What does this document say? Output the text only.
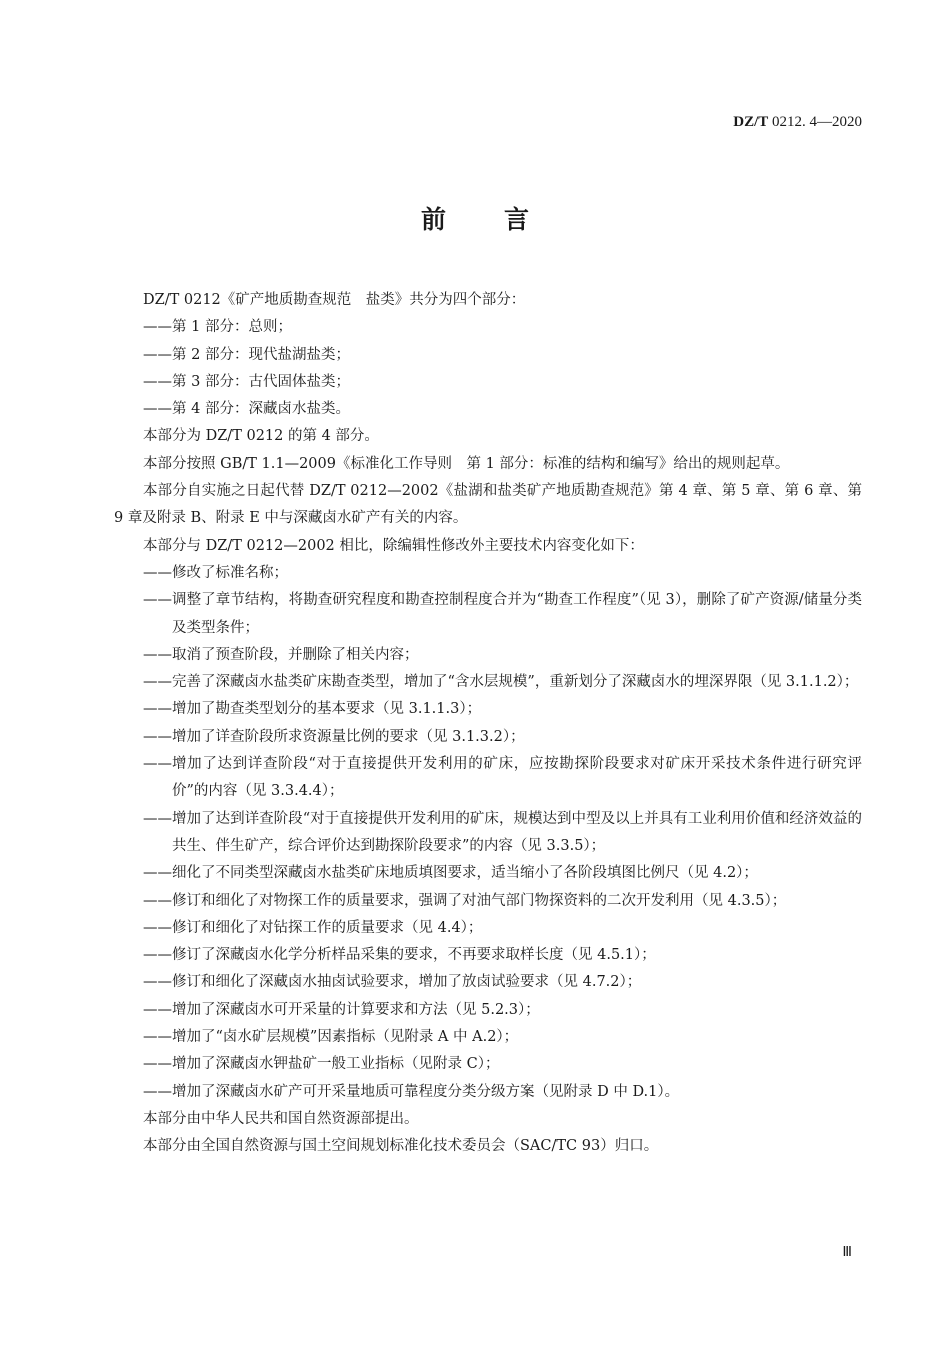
DZ/T 0212. 4—2020
前言

DZ/T 0212《矿产地质勘查规范　盐类》共分为四个部分：

—— 第 1 部分：总则；

—— 第 2 部分：现代盐湖盐类；

—— 第 3 部分：古代固体盐类；

—— 第 4 部分：深藏卤水盐类。

本部分为 DZ/T 0212 的第 4 部分。

本部分按照 GB/T 1.1—2009《标准化工作导则　第 1 部分：标准的结构和编写》给出的规则起草。

本部分自实施之日起代替 DZ/T 0212—2002《盐湖和盐类矿产地质勘查规范》第 4 章、第 5 章、第 6 章、第 9 章及附录 B、附录 E 中与深藏卤水矿产有关的内容。

本部分与 DZ/T 0212—2002 相比，除编辑性修改外主要技术内容变化如下：

—— 修改了标准名称；

—— 调整了章节结构，将勘查研究程度和勘查控制程度合并为“勘查工作程度”（见 3），删除了矿产资源/储量分类及类型条件；

—— 取消了预查阶段，并删除了相关内容；

—— 完善了深藏卤水盐类矿床勘查类型，增加了“含水层规模”，重新划分了深藏卤水的埋深界限（见 3.1.1.2）；

—— 增加了勘查类型划分的基本要求（见 3.1.1.3）；

—— 增加了详查阶段所求资源量比例的要求（见 3.1.3.2）；

—— 增加了达到详查阶段“对于直接提供开发利用的矿床，应按勘探阶段要求对矿床开采技术条件进行研究评价”的内容（见 3.3.4.4）；

—— 增加了达到详查阶段“对于直接提供开发利用的矿床，规模达到中型及以上并具有工业利用价值和经济效益的共生、伴生矿产，综合评价达到勘探阶段要求”的内容（见 3.3.5）；

—— 细化了不同类型深藏卤水盐类矿床地质填图要求，适当缩小了各阶段填图比例尺（见 4.2）；

—— 修订和细化了对物探工作的质量要求，强调了对油气部门物探资料的二次开发利用（见 4.3.5）；

—— 修订和细化了对钻探工作的质量要求（见 4.4）；

—— 修订了深藏卤水化学分析样品采集的要求，不再要求取样长度（见 4.5.1）；

—— 修订和细化了深藏卤水抽卤试验要求，增加了放卤试验要求（见 4.7.2）；

—— 增加了深藏卤水可开采量的计算要求和方法（见 5.2.3）；

—— 增加了“卤水矿层规模”因素指标（见附录 A 中 A.2）；

—— 增加了深藏卤水钾盐矿一般工业指标（见附录 C）；

—— 增加了深藏卤水矿产可开采量地质可靠程度分类分级方案（见附录 D 中 D.1）。

本部分由中华人民共和国自然资源部提出。

本部分由全国自然资源与国土空间规划标准化技术委员会（SAC/TC 93）归口。

Ⅲ
